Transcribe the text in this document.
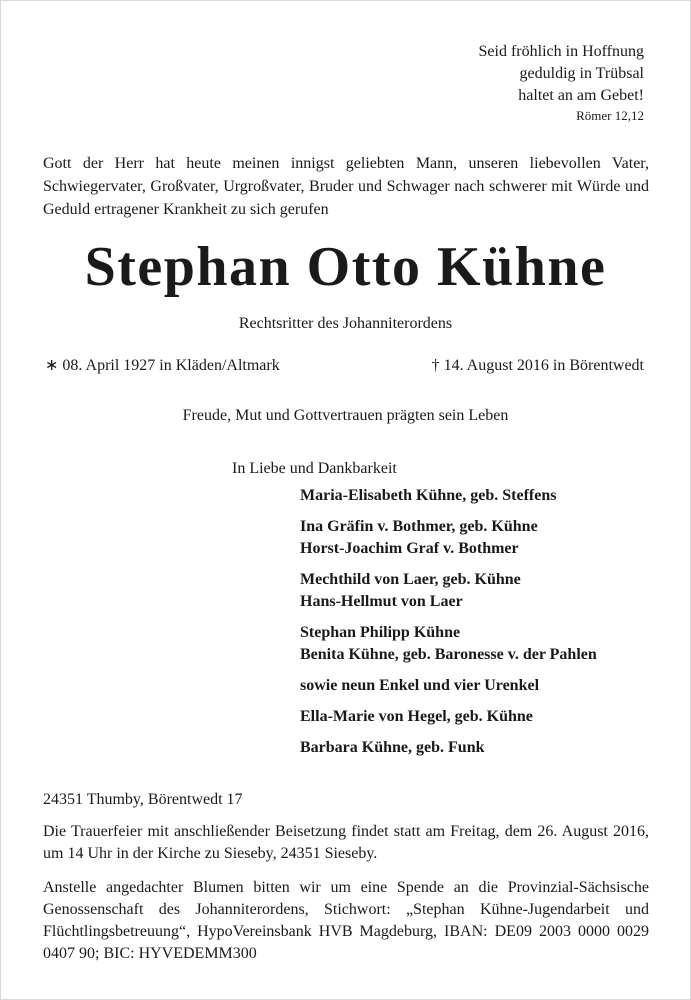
Seid fröhlich in Hoffnung
geduldig in Trübsal
haltet an am Gebet!
Römer 12,12
Gott der Herr hat heute meinen innigst geliebten Mann, unseren liebevollen Vater, Schwiegervater, Großvater, Urgroßvater, Bruder und Schwager nach schwerer mit Würde und Geduld ertragener Krankheit zu sich gerufen
Stephan Otto Kühne
Rechtsritter des Johanniterordens
∗ 08. April 1927 in Kläden/Altmark	† 14. August 2016 in Börentwedt
Freude, Mut und Gottvertrauen prägten sein Leben
In Liebe und Dankbarkeit
Maria-Elisabeth Kühne, geb. Steffens
Ina Gräfin v. Bothmer, geb. Kühne
Horst-Joachim Graf v. Bothmer
Mechthild von Laer, geb. Kühne
Hans-Hellmut von Laer
Stephan Philipp Kühne
Benita Kühne, geb. Baronesse v. der Pahlen
sowie neun Enkel und vier Urenkel
Ella-Marie von Hegel, geb. Kühne
Barbara Kühne, geb. Funk
24351 Thumby, Börentwedt 17
Die Trauerfeier mit anschließender Beisetzung findet statt am Freitag, dem 26. August 2016, um 14 Uhr in der Kirche zu Sieseby, 24351 Sieseby.
Anstelle angedachter Blumen bitten wir um eine Spende an die Provinzial-Sächsische Genossenschaft des Johanniterordens, Stichwort: „Stephan Kühne-Jugendarbeit und Flüchtlingsbetreuung“, HypoVereinsbank HVB Magdeburg, IBAN: DE09 2003 0000 0029 0407 90; BIC: HYVEDEMM300
